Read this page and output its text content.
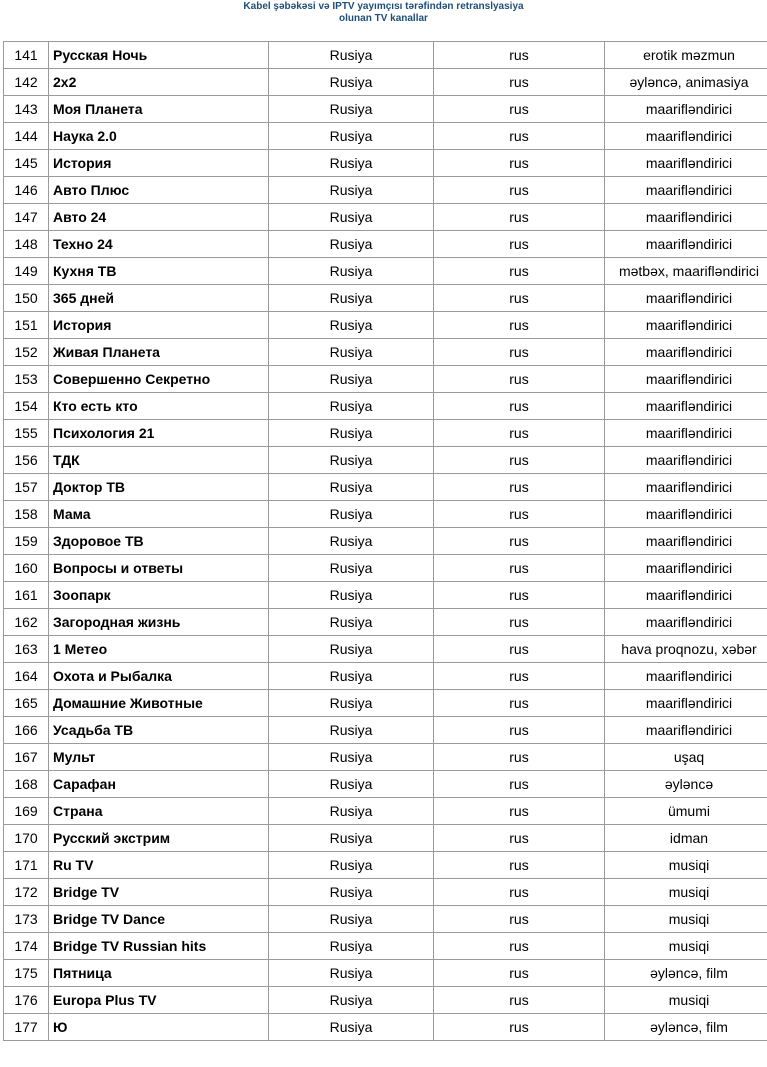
Kabel şəbəkəsi və IPTV yayımçısı tərəfindən retranslyasiya
olunan TV kanallar
141	Русская Ночь	Rusiya	rus	erotik məzmun
142	2x2	Rusiya	rus	əyləncə, animasiya
143	Моя Планета	Rusiya	rus	maarifləndirici
144	Наука 2.0	Rusiya	rus	maarifləndirici
145	История	Rusiya	rus	maarifləndirici
146	Авто Плюс	Rusiya	rus	maarifləndirici
147	Авто 24	Rusiya	rus	maarifləndirici
148	Техно 24	Rusiya	rus	maarifləndirici
149	Кухня ТВ	Rusiya	rus	mətbəx, maarifləndirici
150	365 дней	Rusiya	rus	maarifləndirici
151	История	Rusiya	rus	maarifləndirici
152	Живая Планета	Rusiya	rus	maarifləndirici
153	Совершенно Секретно	Rusiya	rus	maarifləndirici
154	Кто есть кто	Rusiya	rus	maarifləndirici
155	Психология 21	Rusiya	rus	maarifləndirici
156	ТДК	Rusiya	rus	maarifləndirici
157	Доктор ТВ	Rusiya	rus	maarifləndirici
158	Мама	Rusiya	rus	maarifləndirici
159	Здоровое ТВ	Rusiya	rus	maarifləndirici
160	Вопросы и ответы	Rusiya	rus	maarifləndirici
161	Зоопарк	Rusiya	rus	maarifləndirici
162	Загородная жизнь	Rusiya	rus	maarifləndirici
163	1 Метео	Rusiya	rus	hava proqnozu, xəbər
164	Охота и Рыбалка	Rusiya	rus	maarifləndirici
165	Домашние Животные	Rusiya	rus	maarifləndirici
166	Усадьба ТВ	Rusiya	rus	maarifləndirici
167	Мульт	Rusiya	rus	uşaq
168	Сарафан	Rusiya	rus	əyləncə
169	Страна	Rusiya	rus	ümumi
170	Русский экстрим	Rusiya	rus	idman
171	Ru TV	Rusiya	rus	musiqi
172	Bridge TV	Rusiya	rus	musiqi
173	Bridge TV Dance	Rusiya	rus	musiqi
174	Bridge TV Russian hits	Rusiya	rus	musiqi
175	Пятница	Rusiya	rus	əyləncə, film
176	Europa Plus TV	Rusiya	rus	musiqi
177	Ю	Rusiya	rus	əyləncə, film
